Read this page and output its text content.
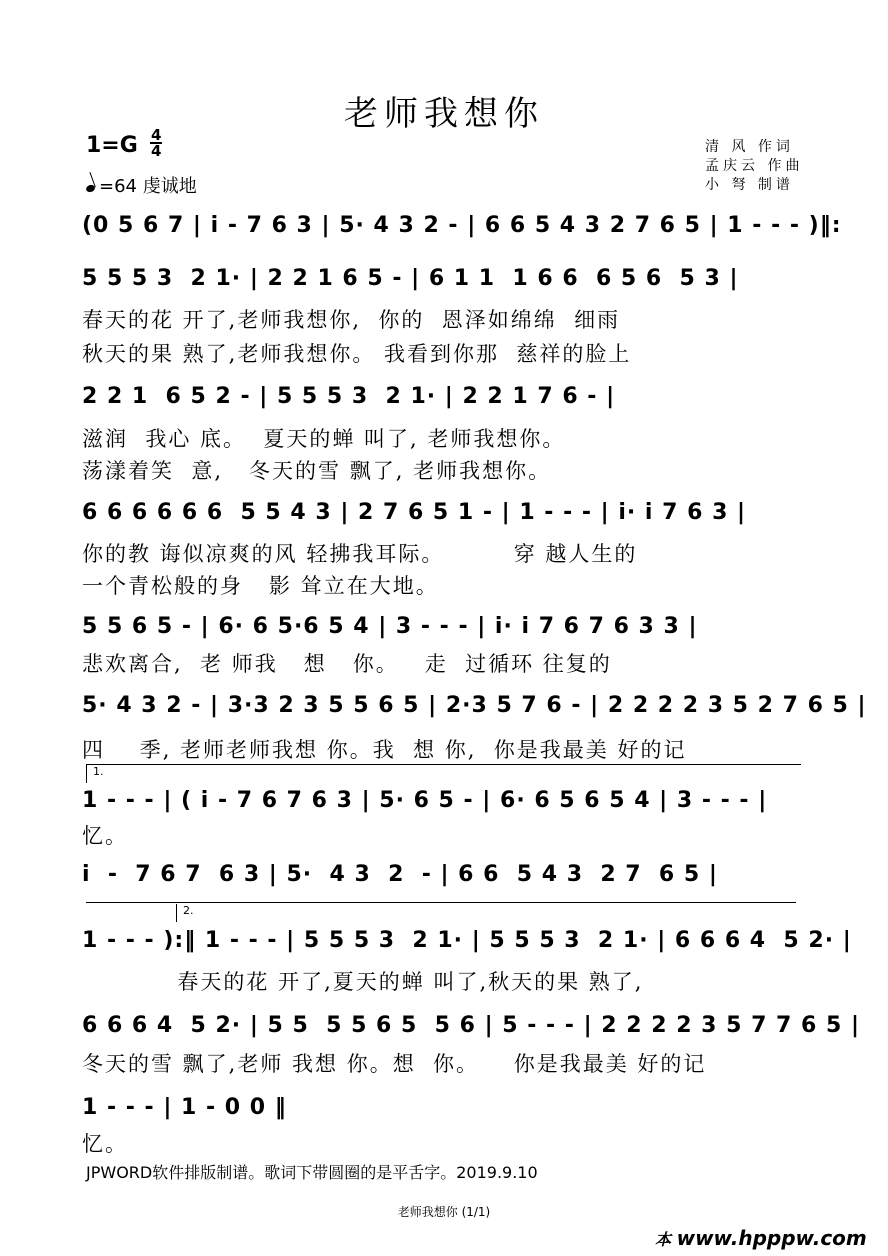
老师我想你
$1=G \frac{4}{4}$
=64 虔诚地
清 风 作词
孟庆云 作曲
小 弩 制谱
(0 5 6 7 | i - 7 6 3 | 5· 4 3 2 - | 6 6 5 4 3 2 7 6 5 | 1 - - - )‖:
5 5 5 3  2 1· | 2 2 1 6 5 - | 6 1 1  1 6 6  6 5 6  5 3 |
春天的花 开了,老师我想你,  你的  恩泽如绵绵  细雨
秋天的果 熟了,老师我想你。 我看到你那  慈祥的脸上
2 2 1  6 5 2 - | 5 5 5 3  2 1· | 2 2 1 7 6 - |
滋润  我心 底。  夏天的蝉 叫了, 老师我想你。
荡漾着笑  意,   冬天的雪 飘了, 老师我想你。
6 6 6 6 6 6  5 5 4 3 | 2 7 6 5 1 - | 1 - - - | i· i 7 6 3 |
你的教 诲似凉爽的风 轻拂我耳际。        穿 越人生的
一个青松般的身   影 耸立在大地。
5 5 6 5 - | 6· 6 5·6 5 4 | 3 - - - | i· i 7 6 7 6 3 3 |
悲欢离合,  老 师我   想   你。   走  过循环 往复的
5· 4 3 2 - | 3·3 2 3 5 5 6 5 | 2·3 5 7 6 - | 2 2 2 2 3 5 2 7 6 5 |
四    季, 老师老师我想 你。我  想 你,  你是我最美 好的记
1.
1 - - - | ( i - 7 6 7 6 3 | 5· 6 5 - | 6· 6 5 6 5 4 | 3 - - - |
忆。
i  -  7 6 7  6 3 | 5·  4 3  2  - | 6 6  5 4 3  2 7  6 5 |
2.
1 - - - ):‖ 1 - - - | 5 5 5 3  2 1· | 5 5 5 3  2 1· | 6 6 6 4  5 2· |
春天的花 开了,夏天的蝉 叫了,秋天的果 熟了,
6 6 6 4  5 2· | 5 5  5 5 6 5  5 6 | 5 - - - | 2 2 2 2 3 5 7 7 6 5 |
冬天的雪 飘了,老师 我想 你。想  你。    你是我最美 好的记
1 - - - | 1 - 0 0 ‖
忆。
JPWORD软件排版制谱。歌词下带圆圈的是平舌字。2019.9.10
老师我想你 (1/1)
本 www.hpppw.com
